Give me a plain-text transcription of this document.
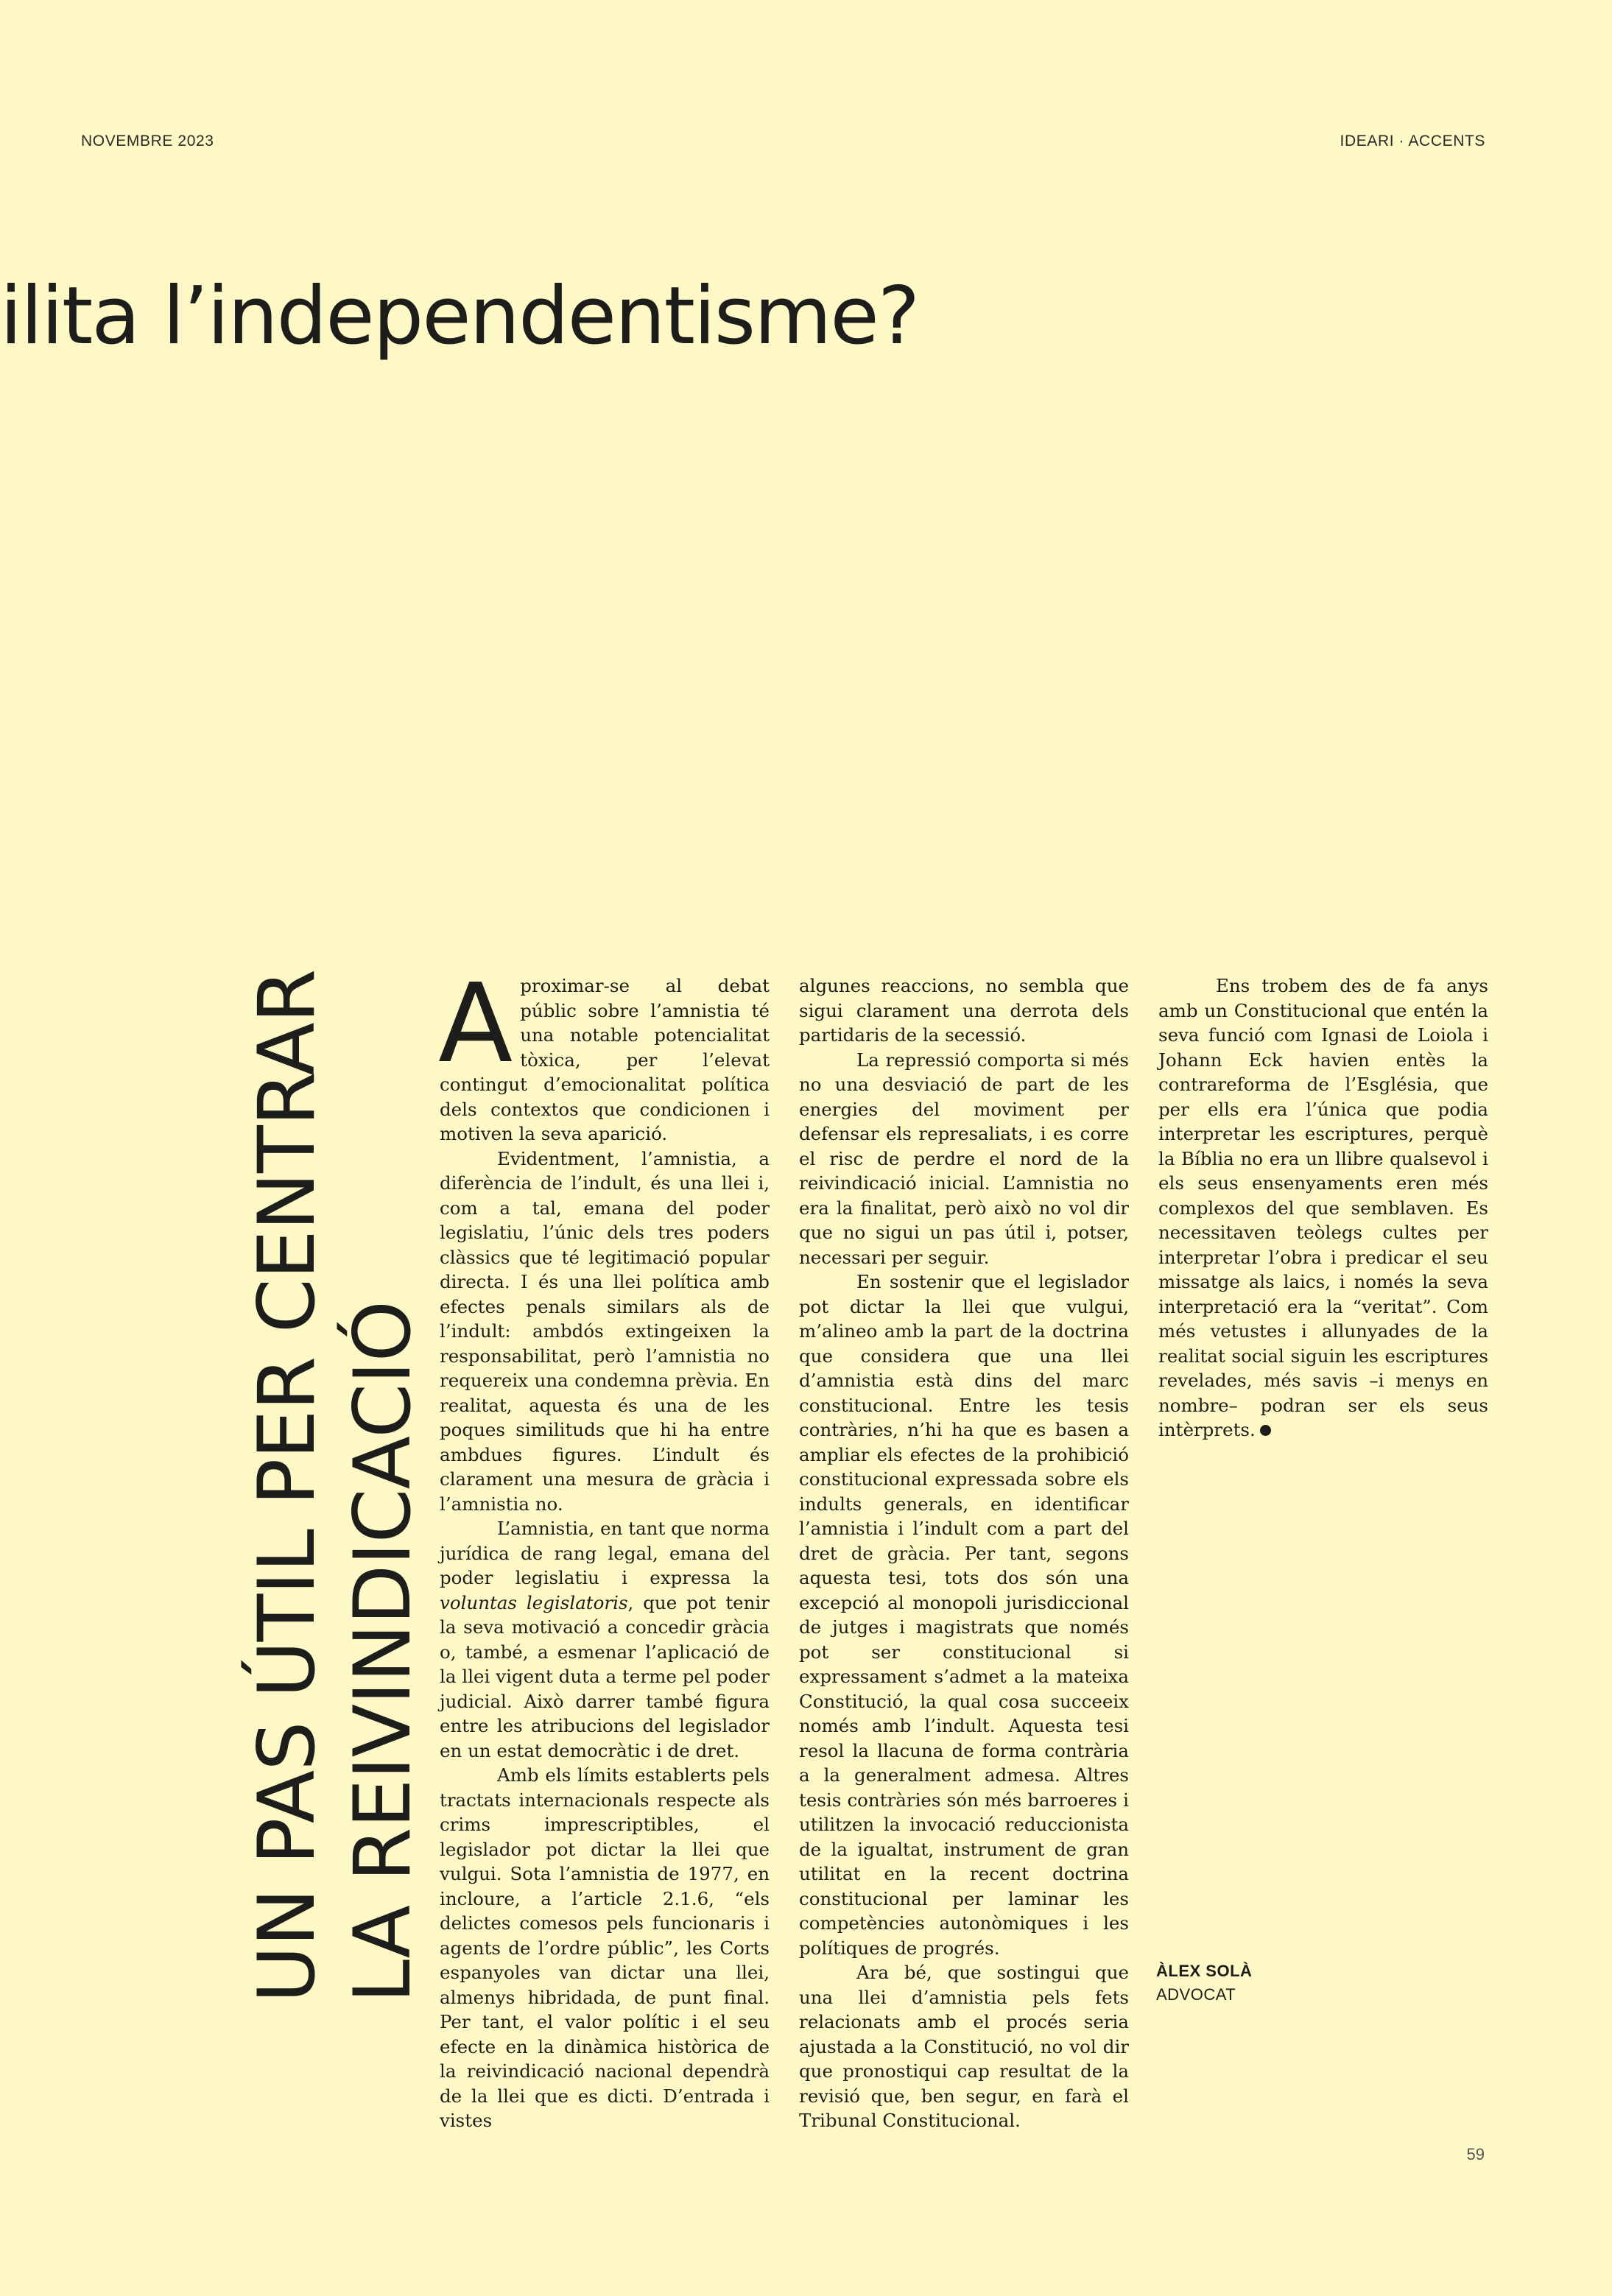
NOVEMBRE 2023	IDEARI · ACCENTS
ilita l’independentisme?
UN PAS ÚTIL PER CENTRAR LA REIVINDICACIÓ

Aproximar-se al debat públic sobre l’amnistia té una notable potencialitat tòxica, per l’elevat contingut d’emocionalitat política dels contextos que condicionen i motiven la seva aparició.

Evidentment, l’amnistia, a diferència de l’indult, és una llei i, com a tal, emana del poder legislatiu, l’únic dels tres poders clàssics que té legitimació popular directa. I és una llei política amb efectes penals similars als de l’indult: ambdós extingeixen la responsabilitat, però l’amnistia no requereix una condemna prèvia. En realitat, aquesta és una de les poques similituds que hi ha entre ambdues figures. L’indult és clarament una mesura de gràcia i l’amnistia no.

L’amnistia, en tant que norma jurídica de rang legal, emana del poder legislatiu i expressa la voluntas legislatoris, que pot tenir la seva motivació a concedir gràcia o, també, a esmenar l’aplicació de la llei vigent duta a terme pel poder judicial. Això darrer també figura entre les atribucions del legislador en un estat democràtic i de dret.

Amb els límits establerts pels tractats internacionals respecte als crims imprescriptibles, el legislador pot dictar la llei que vulgui. Sota l’amnistia de 1977, en incloure, a l’article 2.1.6, “els delictes comesos pels funcionaris i agents de l’ordre públic”, les Corts espanyoles van dictar una llei, almenys hibridada, de punt final. Per tant, el valor polític i el seu efecte en la dinàmica històrica de la reivindicació nacional dependrà de la llei que es dicti. D’entrada i vistes

algunes reaccions, no sembla que sigui clarament una derrota dels partidaris de la secessió.

La repressió comporta si més no una desviació de part de les energies del moviment per defensar els represaliats, i es corre el risc de perdre el nord de la reivindicació inicial. L’amnistia no era la finalitat, però això no vol dir que no sigui un pas útil i, potser, necessari per seguir.

En sostenir que el legislador pot dictar la llei que vulgui, m’alineo amb la part de la doctrina que considera que una llei d’amnistia està dins del marc constitucional. Entre les tesis contràries, n’hi ha que es basen a ampliar els efectes de la prohibició constitucional expressada sobre els indults generals, en identificar l’amnistia i l’indult com a part del dret de gràcia. Per tant, segons aquesta tesi, tots dos són una excepció al monopoli jurisdiccional de jutges i magistrats que només pot ser constitucional si expressament s’admet a la mateixa Constitució, la qual cosa succeeix només amb l’indult. Aquesta tesi resol la llacuna de forma contrària a la generalment admesa. Altres tesis contràries són més barroeres i utilitzen la invocació reduccionista de la igualtat, instrument de gran utilitat en la recent doctrina constitucional per laminar les competències autonòmiques i les polítiques de progrés.

Ara bé, que sostingui que una llei d’amnistia pels fets relacionats amb el procés seria ajustada a la Constitució, no vol dir que pronostiqui cap resultat de la revisió que, ben segur, en farà el Tribunal Constitucional.

Ens trobem des de fa anys amb un Constitucional que entén la seva funció com Ignasi de Loiola i Johann Eck havien entès la contrareforma de l’Església, que per ells era l’única que podia interpretar les escriptures, perquè la Bíblia no era un llibre qualsevol i els seus ensenyaments eren més complexos del que semblaven. Es necessitaven teòlegs cultes per interpretar l’obra i predicar el seu missatge als laics, i només la seva interpretació era la “veritat”. Com més vetustes i allunyades de la realitat social siguin les escriptures revelades, més savis –i menys en nombre– podran ser els seus intèrprets.

ÀLEX SOLÀ
ADVOCAT
59
